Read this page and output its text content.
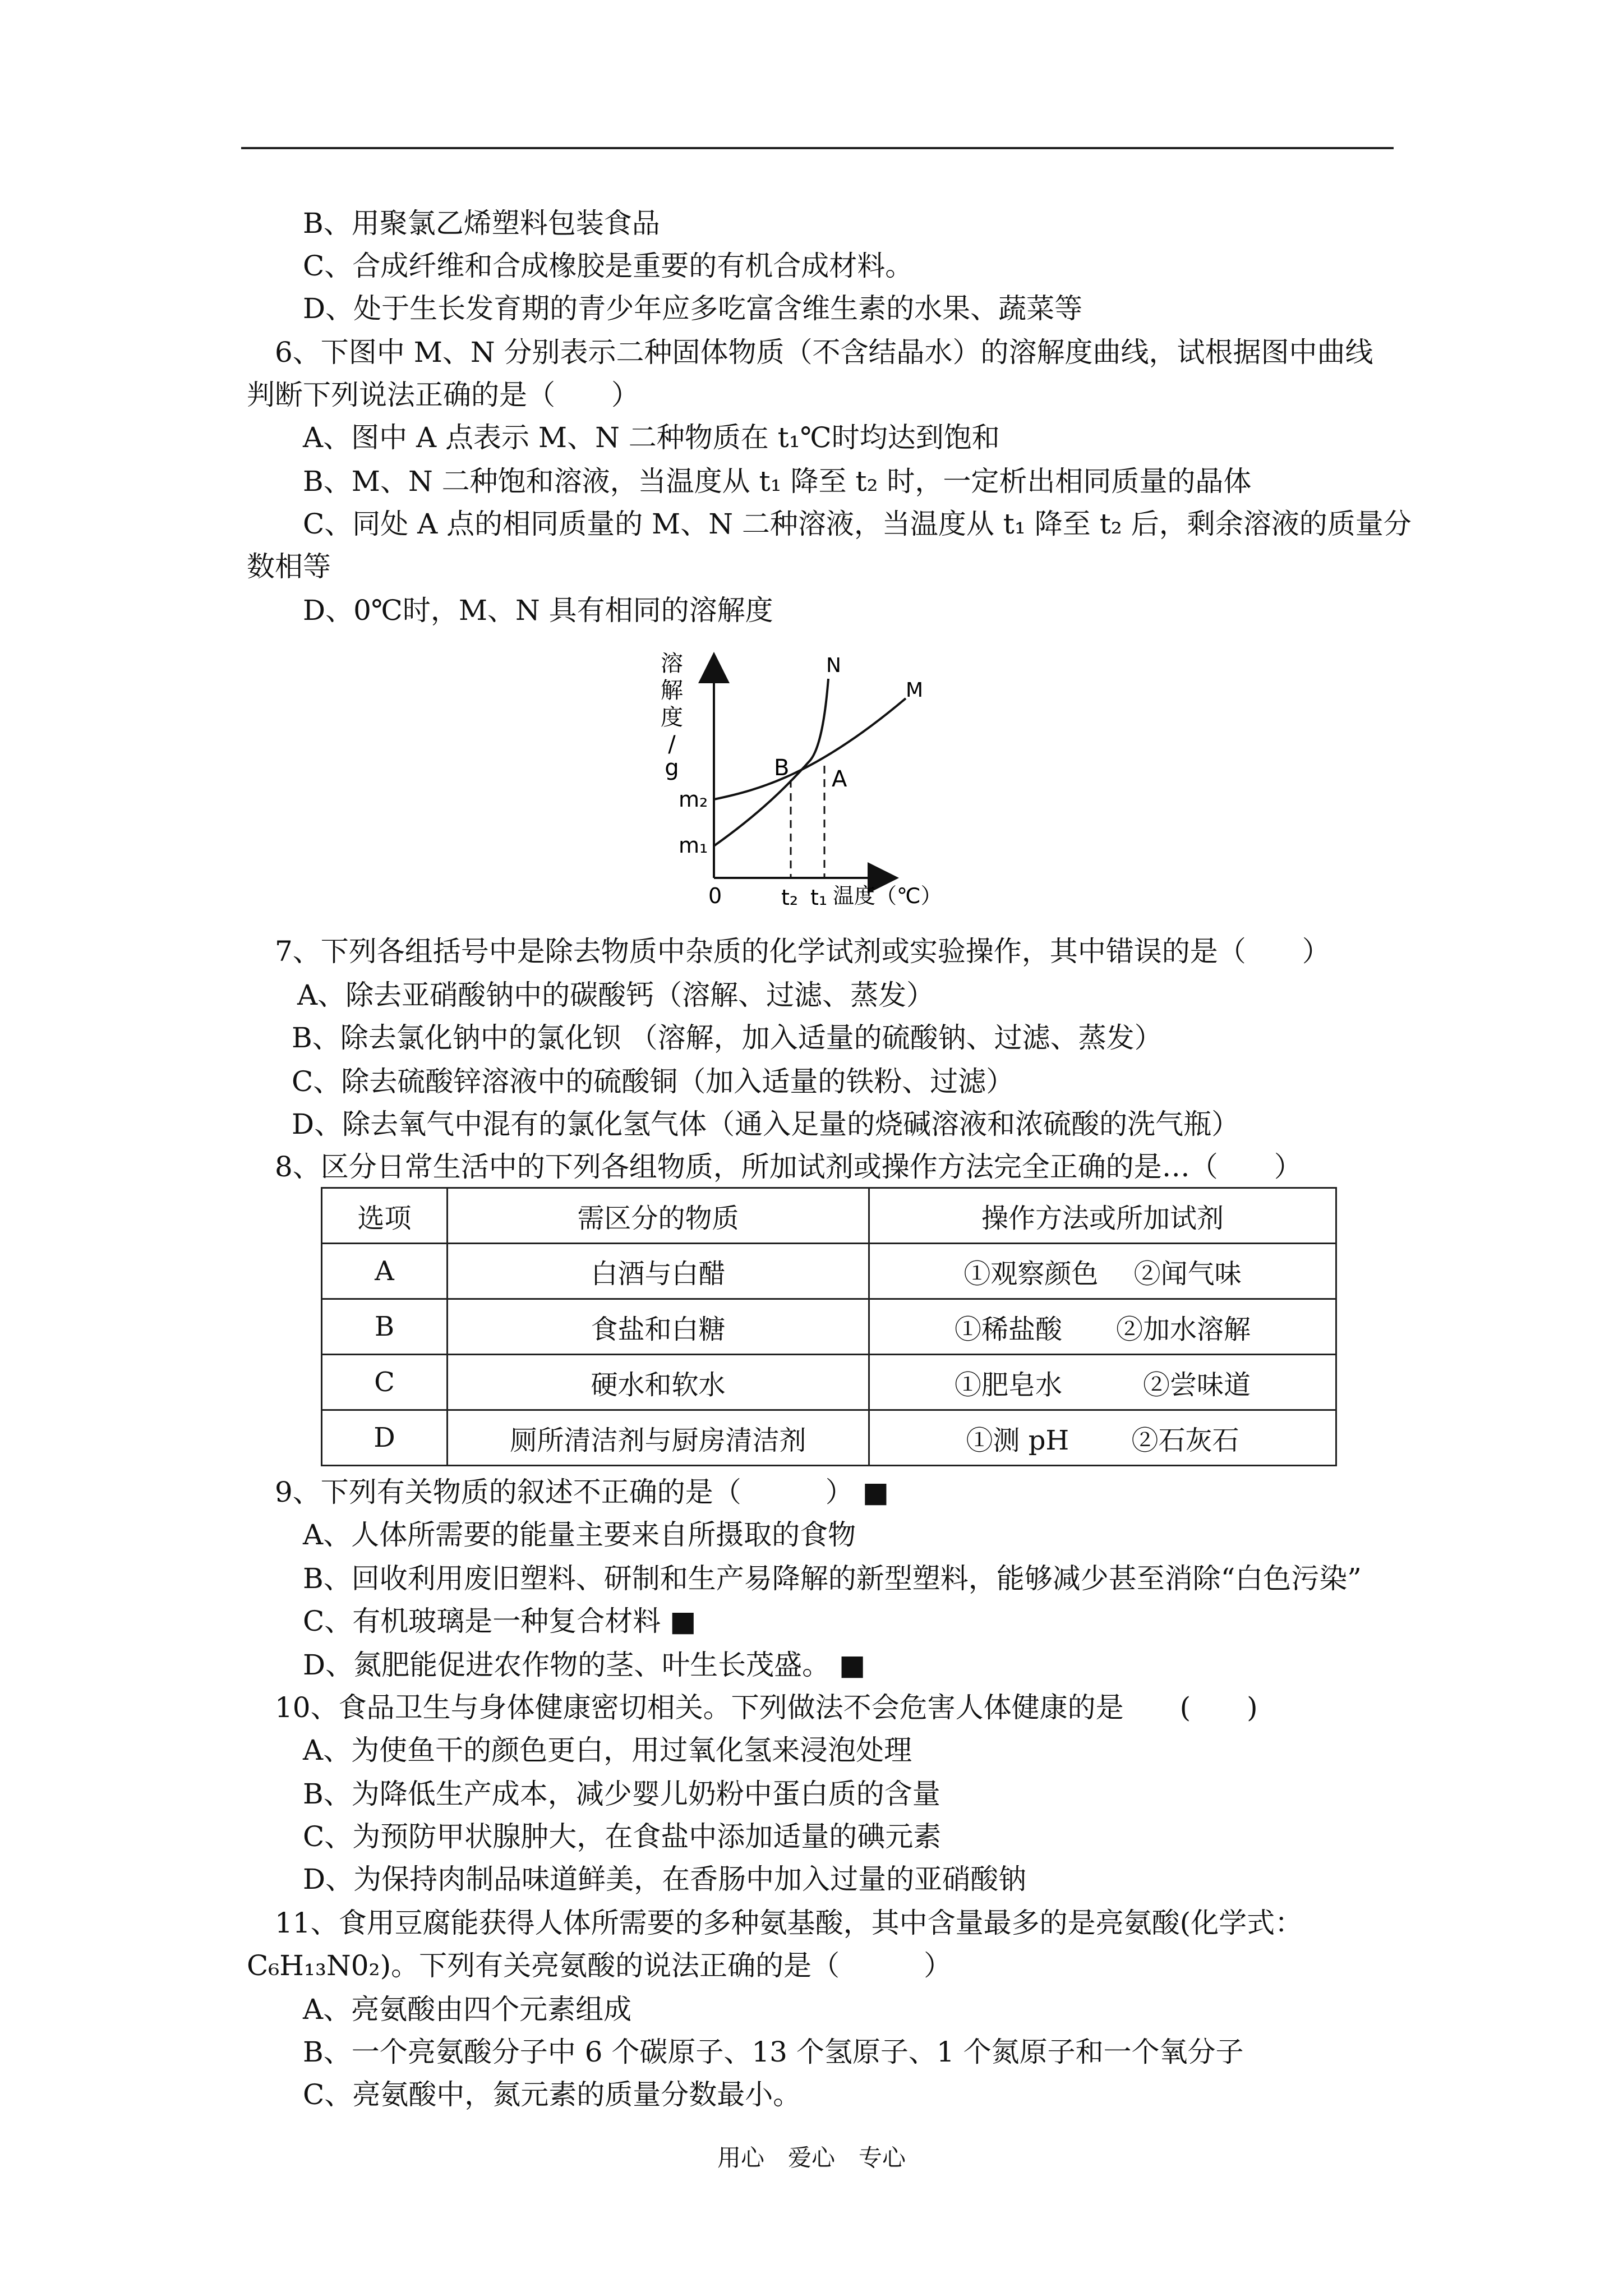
B、用聚氯乙烯塑料包装食品
C、合成纤维和合成橡胶是重要的有机合成材料。
D、处于生长发育期的青少年应多吃富含维生素的水果、蔬菜等
6、下图中 M、N 分别表示二种固体物质（不含结晶水）的溶解度曲线，试根据图中曲线
判断下列说法正确的是（　　）
A、图中 A 点表示 M、N 二种物质在 t₁℃时均达到饱和
B、M、N 二种饱和溶液，当温度从 t₁ 降至 t₂ 时，一定析出相同质量的晶体
C、同处 A 点的相同质量的 M、N 二种溶液，当温度从 t₁ 降至 t₂ 后，剩余溶液的质量分
数相等
D、0℃时，M、N 具有相同的溶解度
溶
解
度
/
g
m₂
m₁
0	t₂ t₁ 温度（℃）
N
M
B A
7、下列各组括号中是除去物质中杂质的化学试剂或实验操作，其中错误的是（　　）
A、除去亚硝酸钠中的碳酸钙（溶解、过滤、蒸发）
B、除去氯化钠中的氯化钡 （溶解，加入适量的硫酸钠、过滤、蒸发）
C、除去硫酸锌溶液中的硫酸铜（加入适量的铁粉、过滤）
D、除去氧气中混有的氯化氢气体（通入足量的烧碱溶液和浓硫酸的洗气瓶）
8、区分日常生活中的下列各组物质，所加试剂或操作方法完全正确的是…（　　）
选项	需区分的物质	操作方法或所加试剂
A	白酒与白醋	①观察颜色　 ②闻气味
B	食盐和白糖	①稀盐酸　　②加水溶解
C	硬水和软水	①肥皂水　　　②尝味道
D	厕所清洁剂与厨房清洁剂	①测 pH　　 ②石灰石
9、下列有关物质的叙述不正确的是（　　　） ■
A、人体所需要的能量主要来自所摄取的食物
B、回收利用废旧塑料、研制和生产易降解的新型塑料，能够减少甚至消除“白色污染”
C、有机玻璃是一种复合材料 ■
D、氮肥能促进农作物的茎、叶生长茂盛。 ■
10、食品卫生与身体健康密切相关。下列做法不会危害人体健康的是　　(　　)
A、为使鱼干的颜色更白，用过氧化氢来浸泡处理
B、为降低生产成本，减少婴儿奶粉中蛋白质的含量
C、为预防甲状腺肿大，在食盐中添加适量的碘元素
D、为保持肉制品味道鲜美，在香肠中加入过量的亚硝酸钠
11、食用豆腐能获得人体所需要的多种氨基酸，其中含量最多的是亮氨酸(化学式：
C₆H₁₃N0₂)。下列有关亮氨酸的说法正确的是（　　　）
A、亮氨酸由四个元素组成
B、一个亮氨酸分子中 6 个碳原子、13 个氢原子、1 个氮原子和一个氧分子
C、亮氨酸中，氮元素的质量分数最小。
用心　爱心　专心
